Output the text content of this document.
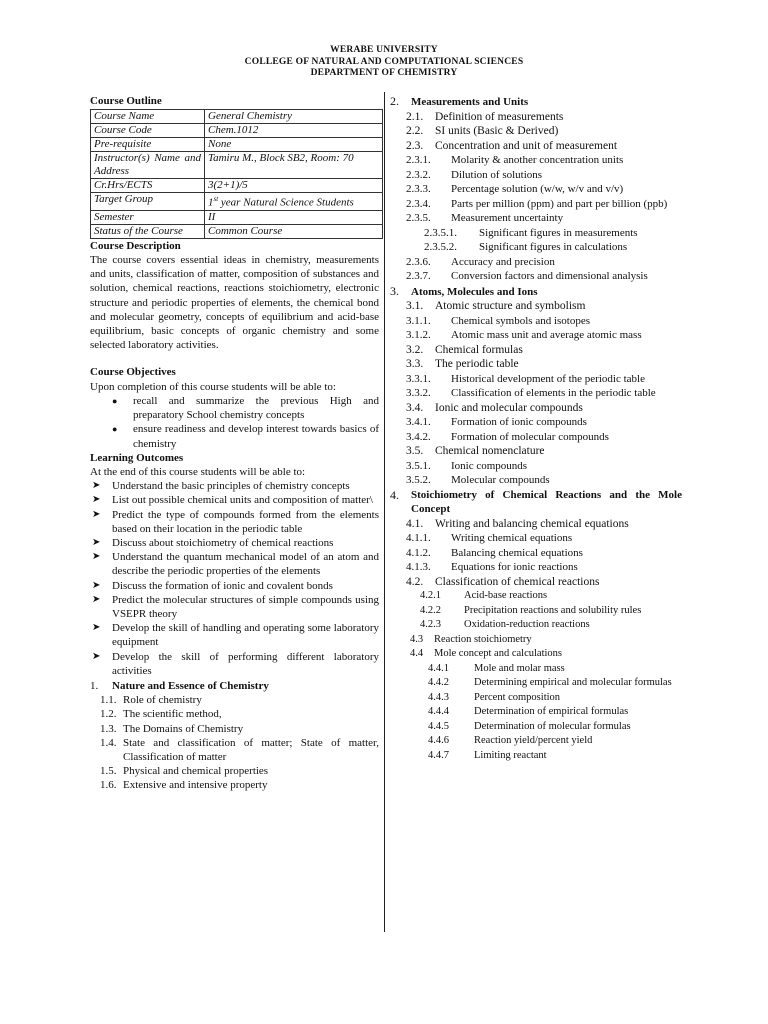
WERABE UNIVERSITY
COLLEGE OF NATURAL AND COMPUTATIONAL SCIENCES
DEPARTMENT OF CHEMISTRY
Course Outline
Course Name	General Chemistry
Course Code	Chem.1012
Pre-requisite	None
Instructor(s) Name and Address	Tamiru M., Block SB2, Room: 70
Cr.Hrs/ECTS	3(2+1)/5
Target Group	1st year Natural Science Students
Semester	II
Status of the Course	Common Course
Course Description
The course covers essential ideas in chemistry, measurements and units, classification of matter, composition of substances and solution, chemical reactions, reactions stoichiometry, electronic structure and periodic properties of elements, the chemical bond and molecular geometry, concepts of equilibrium and acid-base equilibrium, basic concepts of organic chemistry and some selected laboratory activities.
Course Objectives
Upon completion of this course students will be able to:
● recall and summarize the previous High and preparatory School chemistry concepts
● ensure readiness and develop interest towards basics of chemistry
Learning Outcomes
At the end of this course students will be able to:
➤ Understand the basic principles of chemistry concepts
➤ List out possible chemical units and composition of matter\
➤ Predict the type of compounds formed from the elements based on their location in the periodic table
➤ Discuss about stoichiometry of chemical reactions
➤ Understand the quantum mechanical model of an atom and describe the periodic properties of the elements
➤ Discuss the formation of ionic and covalent bonds
➤ Predict the molecular structures of simple compounds using VSEPR theory
➤ Develop the skill of handling and operating some laboratory equipment
➤ Develop the skill of performing different laboratory activities
1. Nature and Essence of Chemistry
1.1. Role of chemistry
1.2. The scientific method,
1.3. The Domains of Chemistry
1.4. State and classification of matter; State of matter, Classification of matter
1.5. Physical and chemical properties
1.6. Extensive and intensive property
2. Measurements and Units
2.1.	Definition of measurements
2.2.	SI units (Basic & Derived)
2.3.	Concentration and unit of measurement
2.3.1.	Molarity & another concentration units
2.3.2.	Dilution of solutions
2.3.3.	Percentage solution (w/w, w/v and v/v)
2.3.4.	Parts per million (ppm) and part per billion (ppb)
2.3.5.	Measurement uncertainty
2.3.5.1.	Significant figures in measurements
2.3.5.2.	Significant figures in calculations
2.3.6.	Accuracy and precision
2.3.7.	Conversion factors and dimensional analysis
3. Atoms, Molecules and Ions
3.1.	Atomic structure and symbolism
3.1.1.	Chemical symbols and isotopes
3.1.2.	Atomic mass unit and average atomic mass
3.2.	Chemical formulas
3.3.	The periodic table
3.3.1.	Historical development of the periodic table
3.3.2.	Classification of elements in the periodic table
3.4.	Ionic and molecular compounds
3.4.1.	Formation of ionic compounds
3.4.2.	Formation of molecular compounds
3.5.	Chemical nomenclature
3.5.1.	Ionic compounds
3.5.2.	Molecular compounds
4.	Stoichiometry of Chemical Reactions and the Mole Concept
4.1.	Writing and balancing chemical equations
4.1.1.	Writing chemical equations
4.1.2.	Balancing chemical equations
4.1.3.	Equations for ionic reactions
4.2.	Classification of chemical reactions
4.2.1	Acid-base reactions
4.2.2	Precipitation reactions and solubility rules
4.2.3	Oxidation-reduction reactions
4.3	Reaction stoichiometry
4.4	Mole concept and calculations
4.4.1	Mole and molar mass
4.4.2	Determining empirical and molecular formulas
4.4.3	Percent composition
4.4.4	Determination of empirical formulas
4.4.5	Determination of molecular formulas
4.4.6	Reaction yield/percent yield
4.4.7	Limiting reactant
